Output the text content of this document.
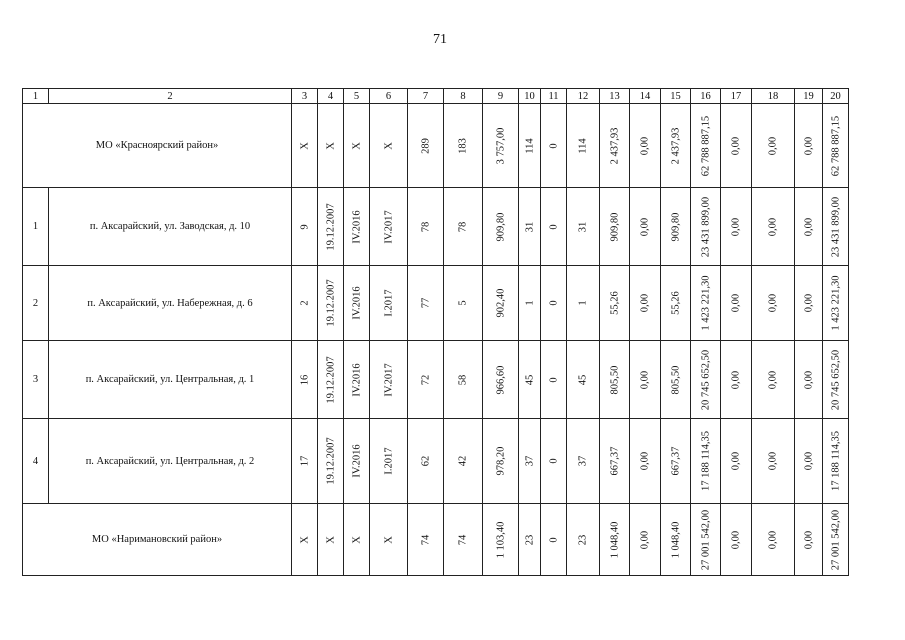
71
1	2	3	4	5	6	7	8	9	10	11	12	13	14	15	16	17	18	19	20
МО «Красноярский район»		X	X	X	X	289	183	3 757,00	114	0	114	2 437,93	0,00	2 437,93	62 788 887,15	0,00	0,00	0,00	62 788 887,15

1	п. Аксарайский, ул. Заводская, д. 10	9	19.12.2007	IV.2016	IV.2017	78	78	909,80	31	0	31	909,80	0,00	909,80	23 431 899,00	0,00	0,00	0,00	23 431 899,00

2	п. Аксарайский, ул. Набережная, д. 6	2	19.12.2007	IV.2016	I.2017	77	5	902,40	1	0	1	55,26	0,00	55,26	1 423 221,30	0,00	0,00	0,00	1 423 221,30

3	п. Аксарайский, ул. Центральная, д. 1	16	19.12.2007	IV.2016	IV.2017	72	58	966,60	45	0	45	805,50	0,00	805,50	20 745 652,50	0,00	0,00	0,00	20 745 652,50

4	п. Аксарайский, ул. Центральная, д. 2	17	19.12.2007	IV.2016	I.2017	62	42	978,20	37	0	37	667,37	0,00	667,37	17 188 114,35	0,00	0,00	0,00	17 188 114,35

МО «Наримановский район»		X	X	X	X	74	74	1 103,40	23	0	23	1 048,40	0,00	1 048,40	27 001 542,00	0,00	0,00	0,00	27 001 542,00
